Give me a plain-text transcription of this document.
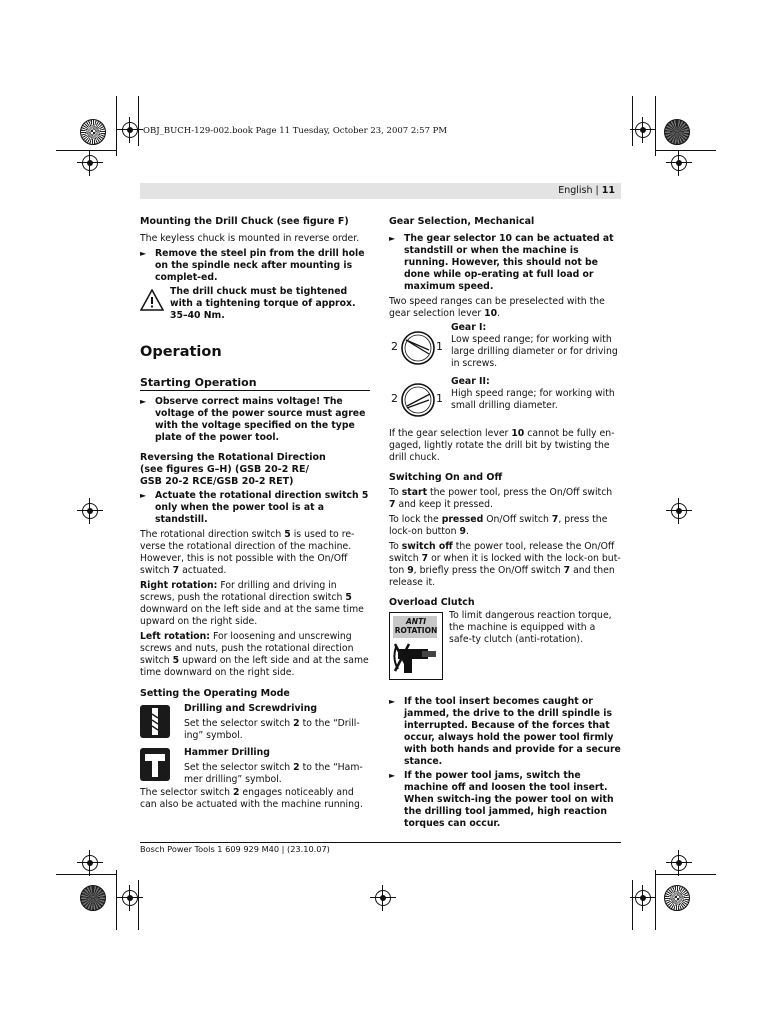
OBJ_BUCH-129-002.book Page 11 Tuesday, October 23, 2007 2:57 PM
English | 11

Mounting the Drill Chuck (see figure F)

The keyless chuck is mounted in reverse order.

► Remove the steel pin from the drill hole on the spindle neck after mounting is complet-ed.

The drill chuck must be tightened with a tightening torque of approx. 35–40 Nm.

Operation

Starting Operation

► Observe correct mains voltage! The voltage of the power source must agree with the voltage specified on the type plate of the power tool.

Reversing the Rotational Direction
(see figures G–H) (GSB 20-2 RE/
GSB 20-2 RCE/GSB 20-2 RET)

► Actuate the rotational direction switch 5 only when the power tool is at a standstill.

The rotational direction switch 5 is used to re-verse the rotational direction of the machine. However, this is not possible with the On/Off switch 7 actuated.

Right rotation: For drilling and driving in screws, push the rotational direction switch 5 downward on the left side and at the same time upward on the right side.

Left rotation: For loosening and unscrewing screws and nuts, push the rotational direction switch 5 upward on the left side and at the same time downward on the right side.

Setting the Operating Mode

Drilling and Screwdriving

Set the selector switch 2 to the “Drill-ing” symbol.

Hammer Drilling

Set the selector switch 2 to the “Ham-mer drilling” symbol.

The selector switch 2 engages noticeably and can also be actuated with the machine running.

Gear Selection, Mechanical

► The gear selector 10 can be actuated at standstill or when the machine is running. However, this should not be done while op-erating at full load or maximum speed.

Two speed ranges can be preselected with the gear selection lever 10.

2	1

Gear I:

Low speed range; for working with large drilling diameter or for driving in screws.

2	1

Gear II:

High speed range; for working with small drilling diameter.

If the gear selection lever 10 cannot be fully en-gaged, lightly rotate the drill bit by twisting the drill chuck.

Switching On and Off

To start the power tool, press the On/Off switch 7 and keep it pressed.

To lock the pressed On/Off switch 7, press the lock-on button 9.

To switch off the power tool, release the On/Off switch 7 or when it is locked with the lock-on but-ton 9, briefly press the On/Off switch 7 and then release it.

Overload Clutch

ANTI
ROTATION

To limit dangerous reaction torque, the machine is equipped with a safe-ty clutch (anti-rotation).

► If the tool insert becomes caught or jammed, the drive to the drill spindle is interrupted. Because of the forces that occur, always hold the power tool firmly with both hands and provide for a secure stance.

► If the power tool jams, switch the machine off and loosen the tool insert. When switch-ing the power tool on with the drilling tool jammed, high reaction torques can occur.

Bosch Power Tools 1 609 929 M40 | (23.10.07)
